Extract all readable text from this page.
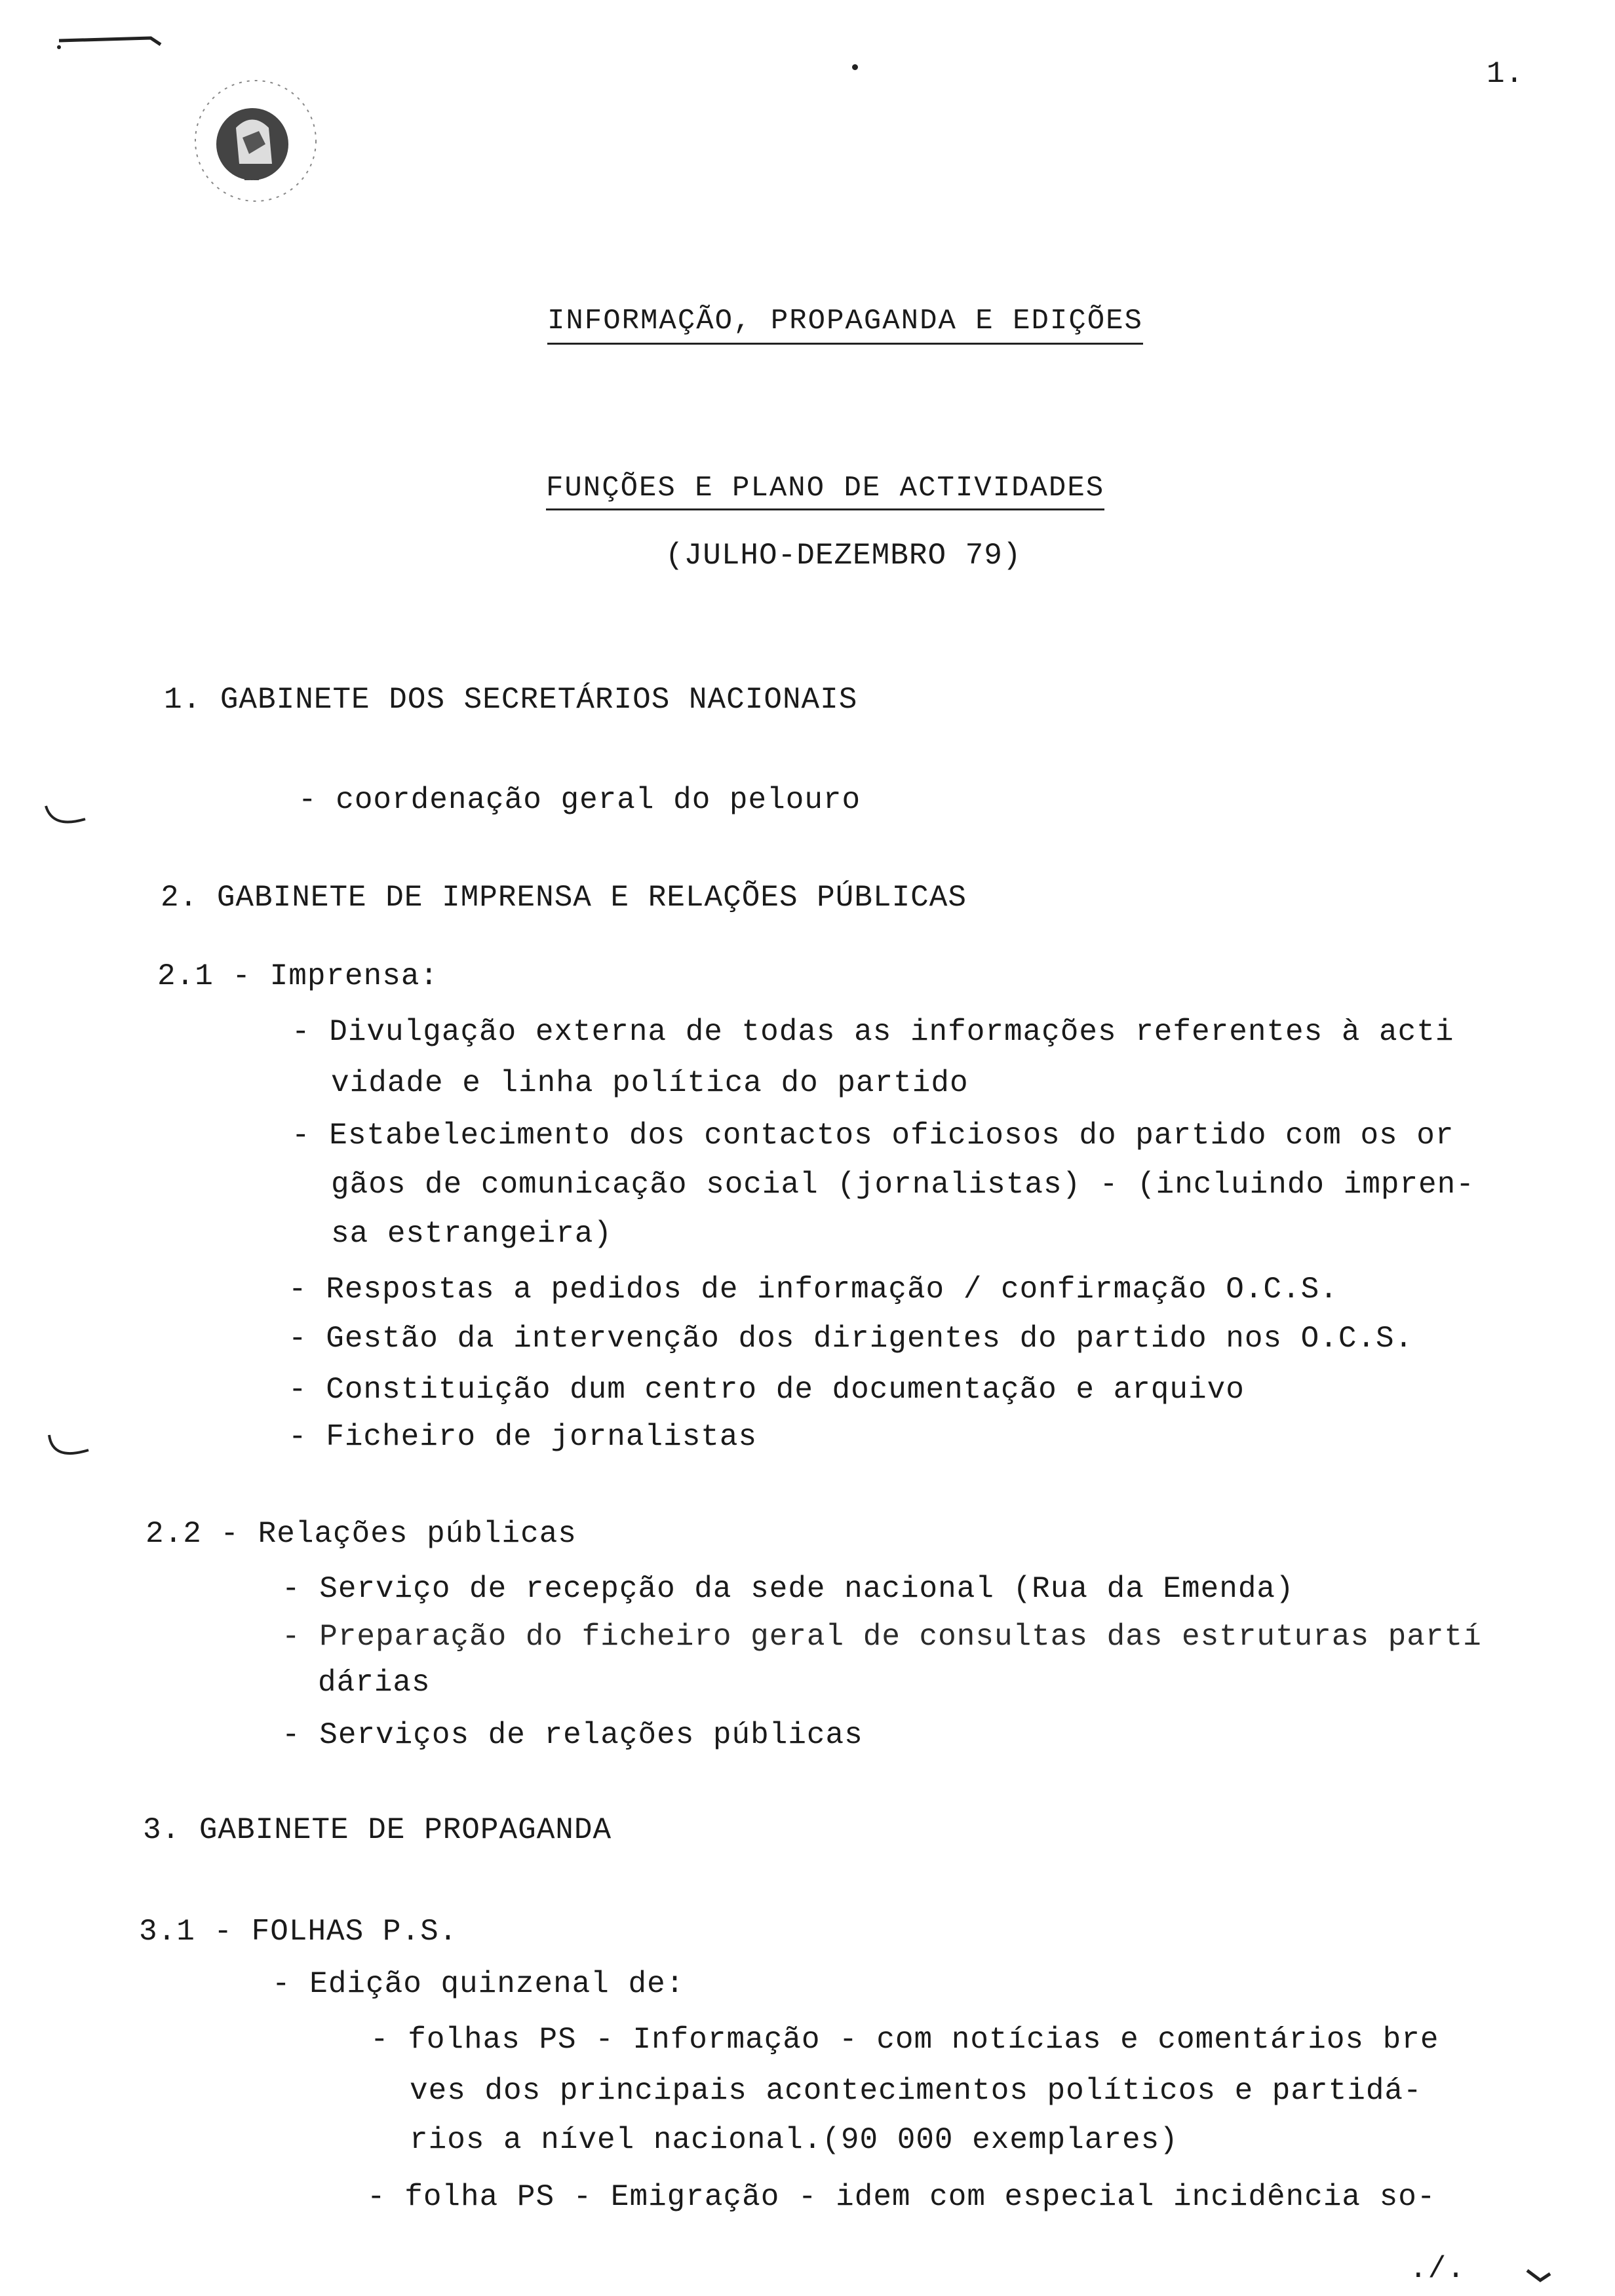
1.
INFORMAÇÃO, PROPAGANDA E EDIÇÕES
FUNÇÕES E PLANO DE ACTIVIDADES
(JULHO-DEZEMBRO 79)
1. GABINETE DOS SECRETÁRIOS NACIONAIS
- coordenação geral do pelouro
2. GABINETE DE IMPRENSA E RELAÇÕES PÚBLICAS
2.1 - Imprensa:
- Divulgação externa de todas as informações referentes à acti
vidade e linha política do partido
- Estabelecimento dos contactos oficiosos do partido com os or
gãos de comunicação social (jornalistas) - (incluindo impren-
sa estrangeira)
- Respostas a pedidos de informação / confirmação O.C.S.
- Gestão da intervenção dos dirigentes do partido nos O.C.S.
- Constituição dum centro de documentação e arquivo
- Ficheiro de jornalistas
2.2 - Relações públicas
- Serviço de recepção da sede nacional (Rua da Emenda)
- Preparação do ficheiro geral de consultas das estruturas partí
dárias
- Serviços de relações públicas
3. GABINETE DE PROPAGANDA
3.1 - FOLHAS P.S.
- Edição quinzenal de:
- folhas PS - Informação - com notícias e comentários bre
ves dos principais acontecimentos políticos e partidá-
rios a nível nacional.(90 000 exemplares)
- folha PS - Emigração - idem com especial incidência so-
./.
